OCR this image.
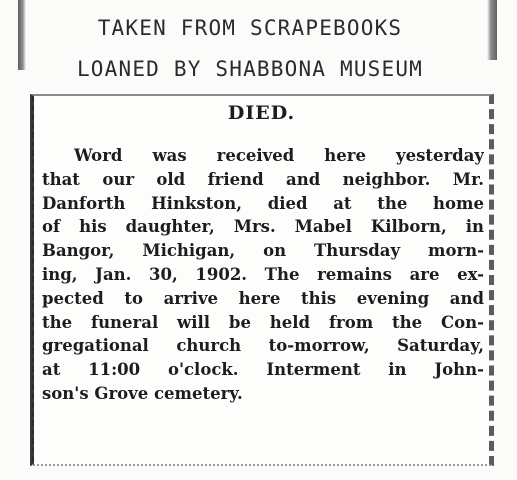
TAKEN FROM SCRAPEBOOKS
LOANED BY SHABBONA MUSEUM
DIED.

Word was received here yesterday
that our old friend and neighbor. Mr.
Danforth Hinkston, died at the home
of his daughter, Mrs. Mabel Kilborn, in
Bangor, Michigan, on Thursday morn-
ing, Jan. 30, 1902. The remains are ex-
pected to arrive here this evening and
the funeral will be held from the Con-
gregational church to-morrow, Saturday,
at 11:00 o'clock. Interment in John-
son's Grove cemetery.
